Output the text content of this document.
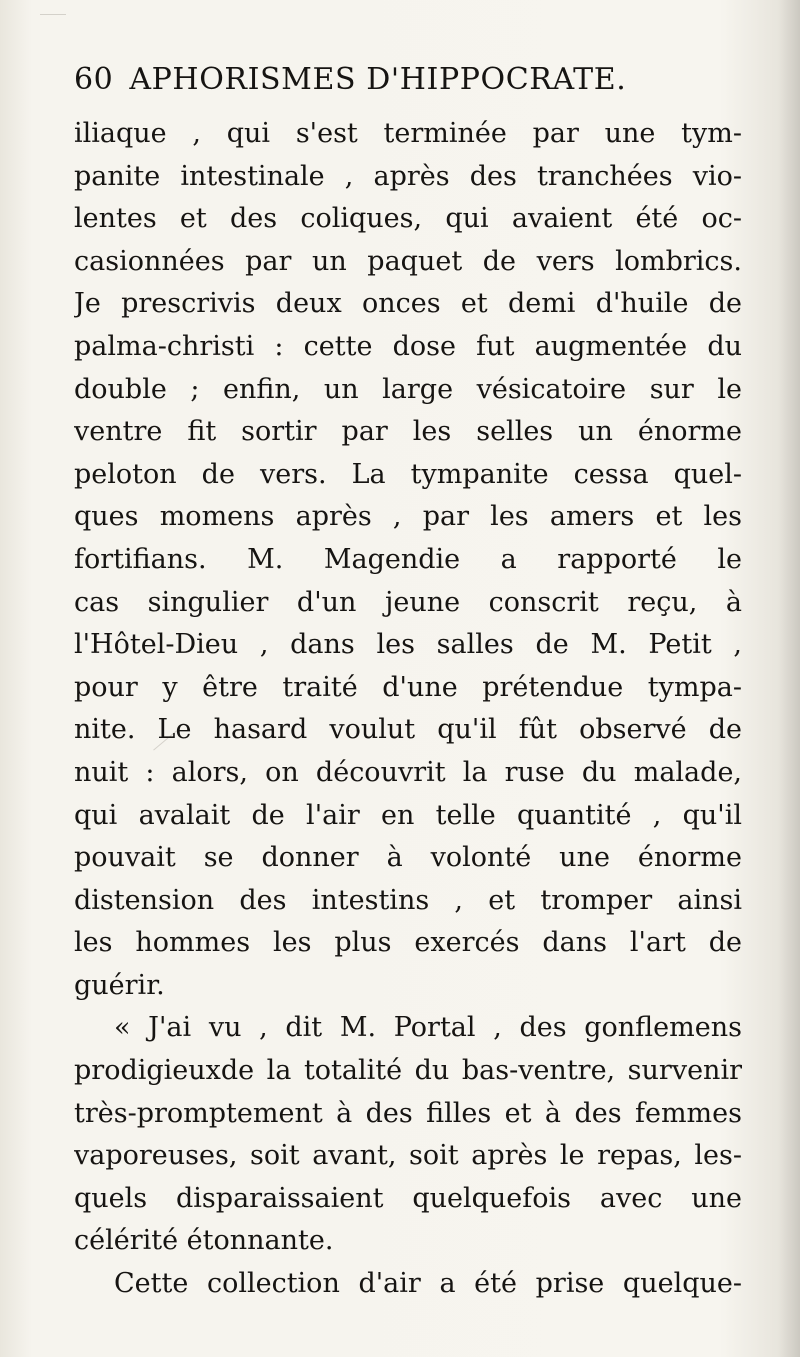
60 APHORISMES D'HIPPOCRATE.
iliaque , qui s'est terminée par une tym-
panite intestinale , après des tranchées vio-
lentes et des coliques, qui avaient été oc-
casionnées par un paquet de vers lombrics.
Je prescrivis deux onces et demi d'huile de
palma-christi : cette dose fut augmentée du
double ; enfin, un large vésicatoire sur le
ventre fit sortir par les selles un énorme
peloton de vers. La tympanite cessa quel-
ques momens après , par les amers et les
fortifians. M. Magendie a rapporté le
cas singulier d'un jeune conscrit reçu, à
l'Hôtel-Dieu , dans les salles de M. Petit ,
pour y être traité d'une prétendue tympa-
nite. Le hasard voulut qu'il fût observé de
nuit : alors, on découvrit la ruse du malade,
qui avalait de l'air en telle quantité , qu'il
pouvait se donner à volonté une énorme
distension des intestins , et tromper ainsi
les hommes les plus exercés dans l'art de
guérir.
« J'ai vu , dit M. Portal , des gonflemens
prodigieuxde la totalité du bas-ventre, survenir
très-promptement à des filles et à des femmes
vaporeuses, soit avant, soit après le repas, les-
quels disparaissaient quelquefois avec une
célérité étonnante.
Cette collection d'air a été prise quelque-
